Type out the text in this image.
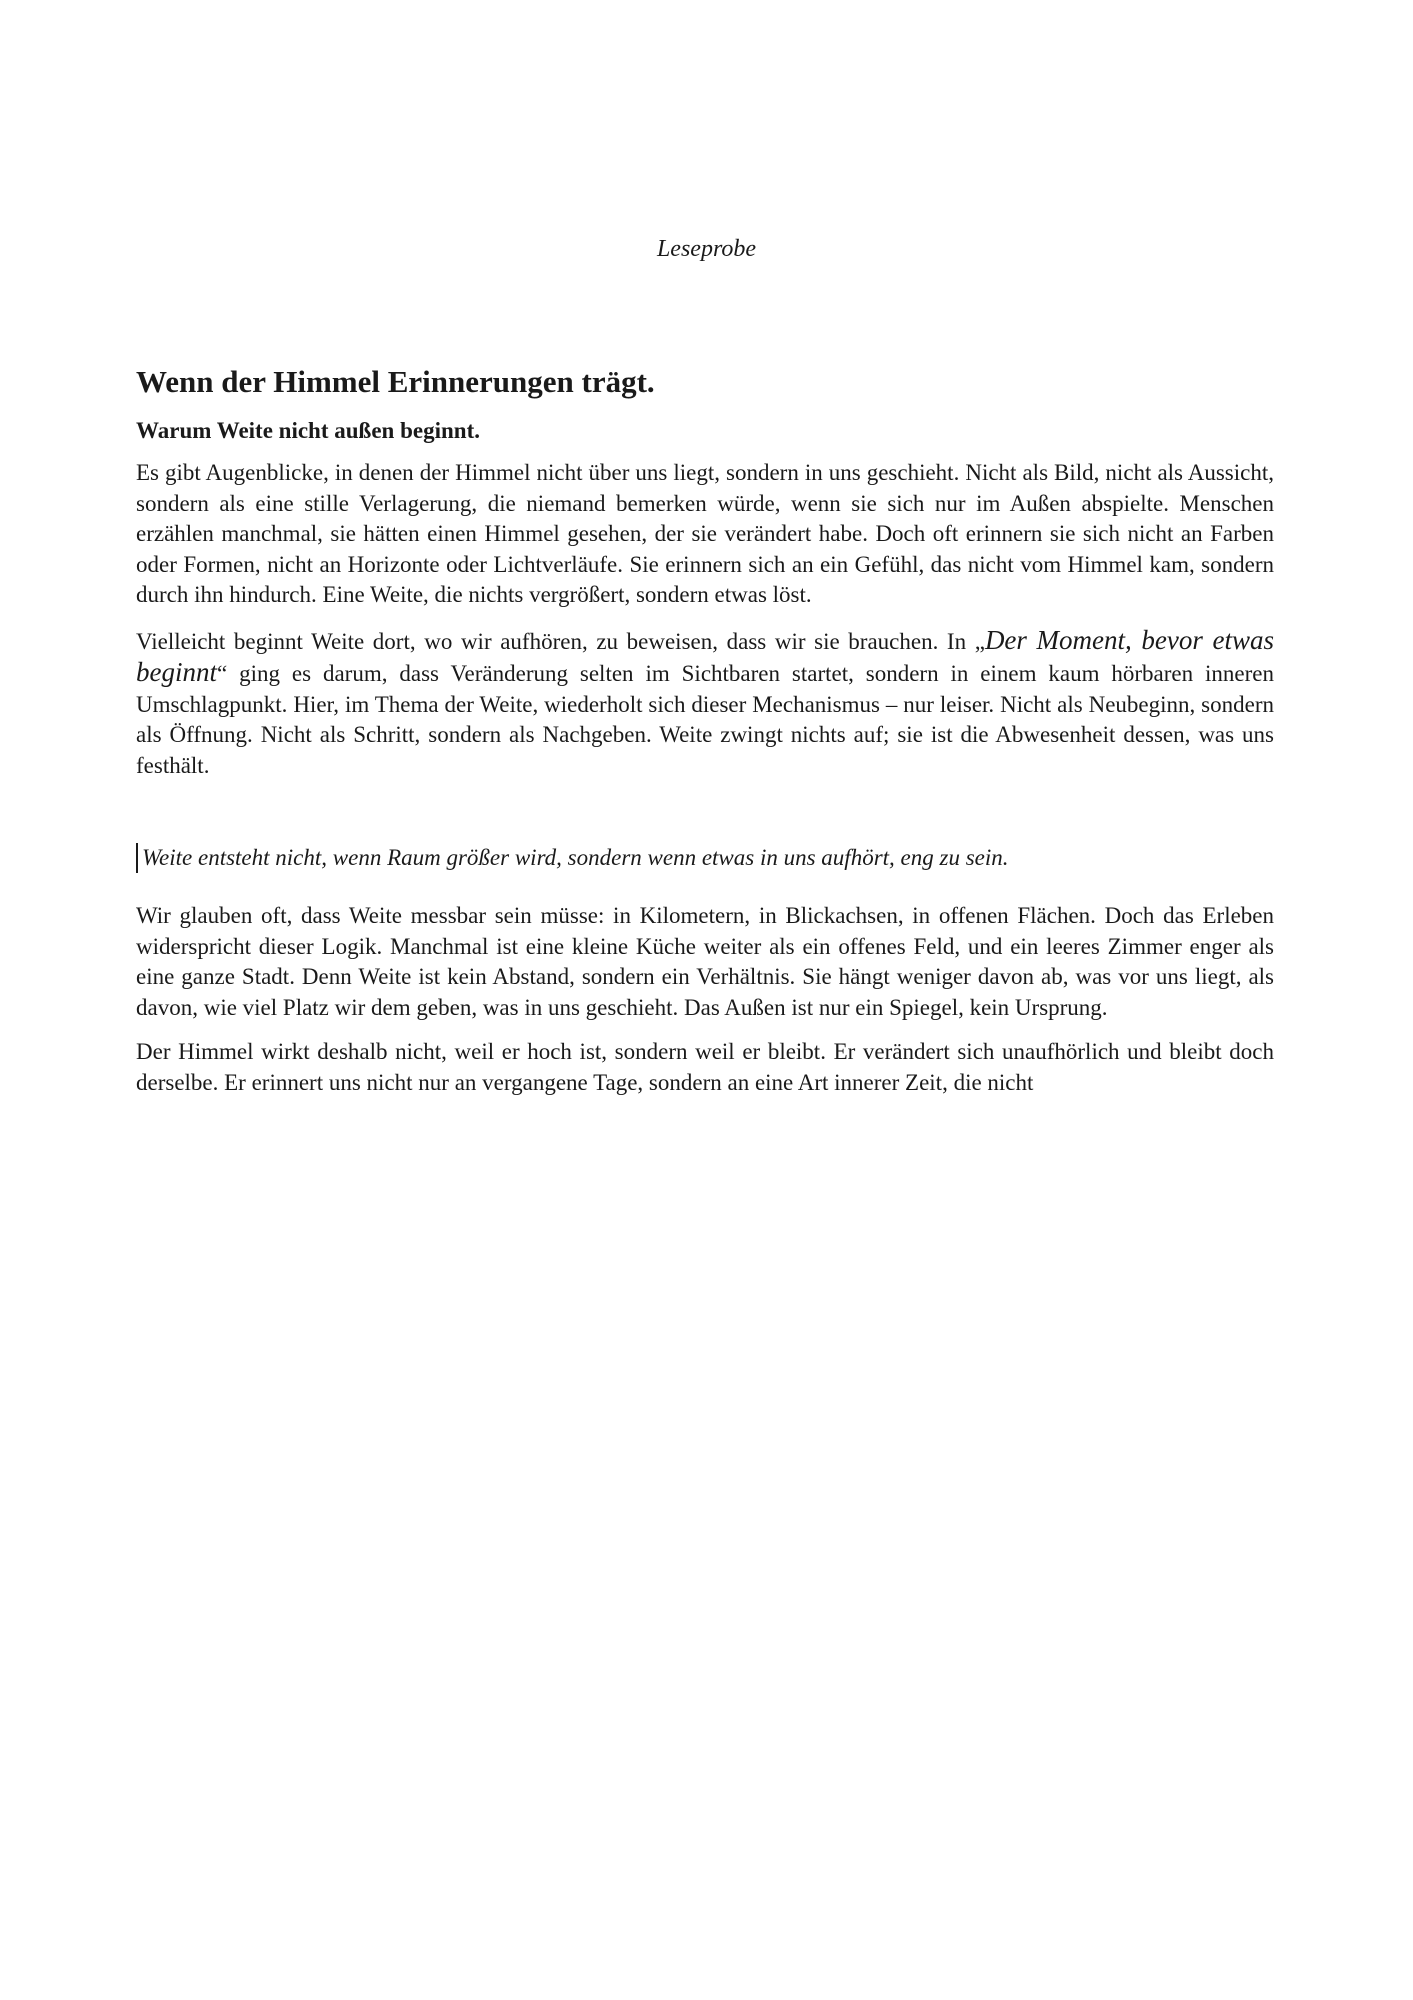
Leseprobe
Wenn der Himmel Erinnerungen trägt.
Warum Weite nicht außen beginnt.

Es gibt Augenblicke, in denen der Himmel nicht über uns liegt, sondern in uns geschieht. Nicht als Bild, nicht als Aussicht, sondern als eine stille Verlagerung, die niemand bemerken würde, wenn sie sich nur im Außen abspielte. Menschen erzählen manchmal, sie hätten einen Himmel gesehen, der sie verändert habe. Doch oft erinnern sie sich nicht an Farben oder Formen, nicht an Horizonte oder Lichtverläufe. Sie erinnern sich an ein Gefühl, das nicht vom Himmel kam, sondern durch ihn hindurch. Eine Weite, die nichts vergrößert, sondern etwas löst.

Vielleicht beginnt Weite dort, wo wir aufhören, zu beweisen, dass wir sie brauchen. In „Der Moment, bevor etwas beginnt“ ging es darum, dass Veränderung selten im Sichtbaren startet, sondern in einem kaum hörbaren inneren Umschlagpunkt. Hier, im Thema der Weite, wiederholt sich dieser Mechanismus – nur leiser. Nicht als Neubeginn, sondern als Öffnung. Nicht als Schritt, sondern als Nachgeben. Weite zwingt nichts auf; sie ist die Abwesenheit dessen, was uns festhält.

Weite entsteht nicht, wenn Raum größer wird, sondern wenn etwas in uns aufhört, eng zu sein.

Wir glauben oft, dass Weite messbar sein müsse: in Kilometern, in Blickachsen, in offenen Flächen. Doch das Erleben widerspricht dieser Logik. Manchmal ist eine kleine Küche weiter als ein offenes Feld, und ein leeres Zimmer enger als eine ganze Stadt. Denn Weite ist kein Abstand, sondern ein Verhältnis. Sie hängt weniger davon ab, was vor uns liegt, als davon, wie viel Platz wir dem geben, was in uns geschieht. Das Außen ist nur ein Spiegel, kein Ursprung.

Der Himmel wirkt deshalb nicht, weil er hoch ist, sondern weil er bleibt. Er verändert sich unaufhörlich und bleibt doch derselbe. Er erinnert uns nicht nur an vergangene Tage, sondern an eine Art innerer Zeit, die nicht
